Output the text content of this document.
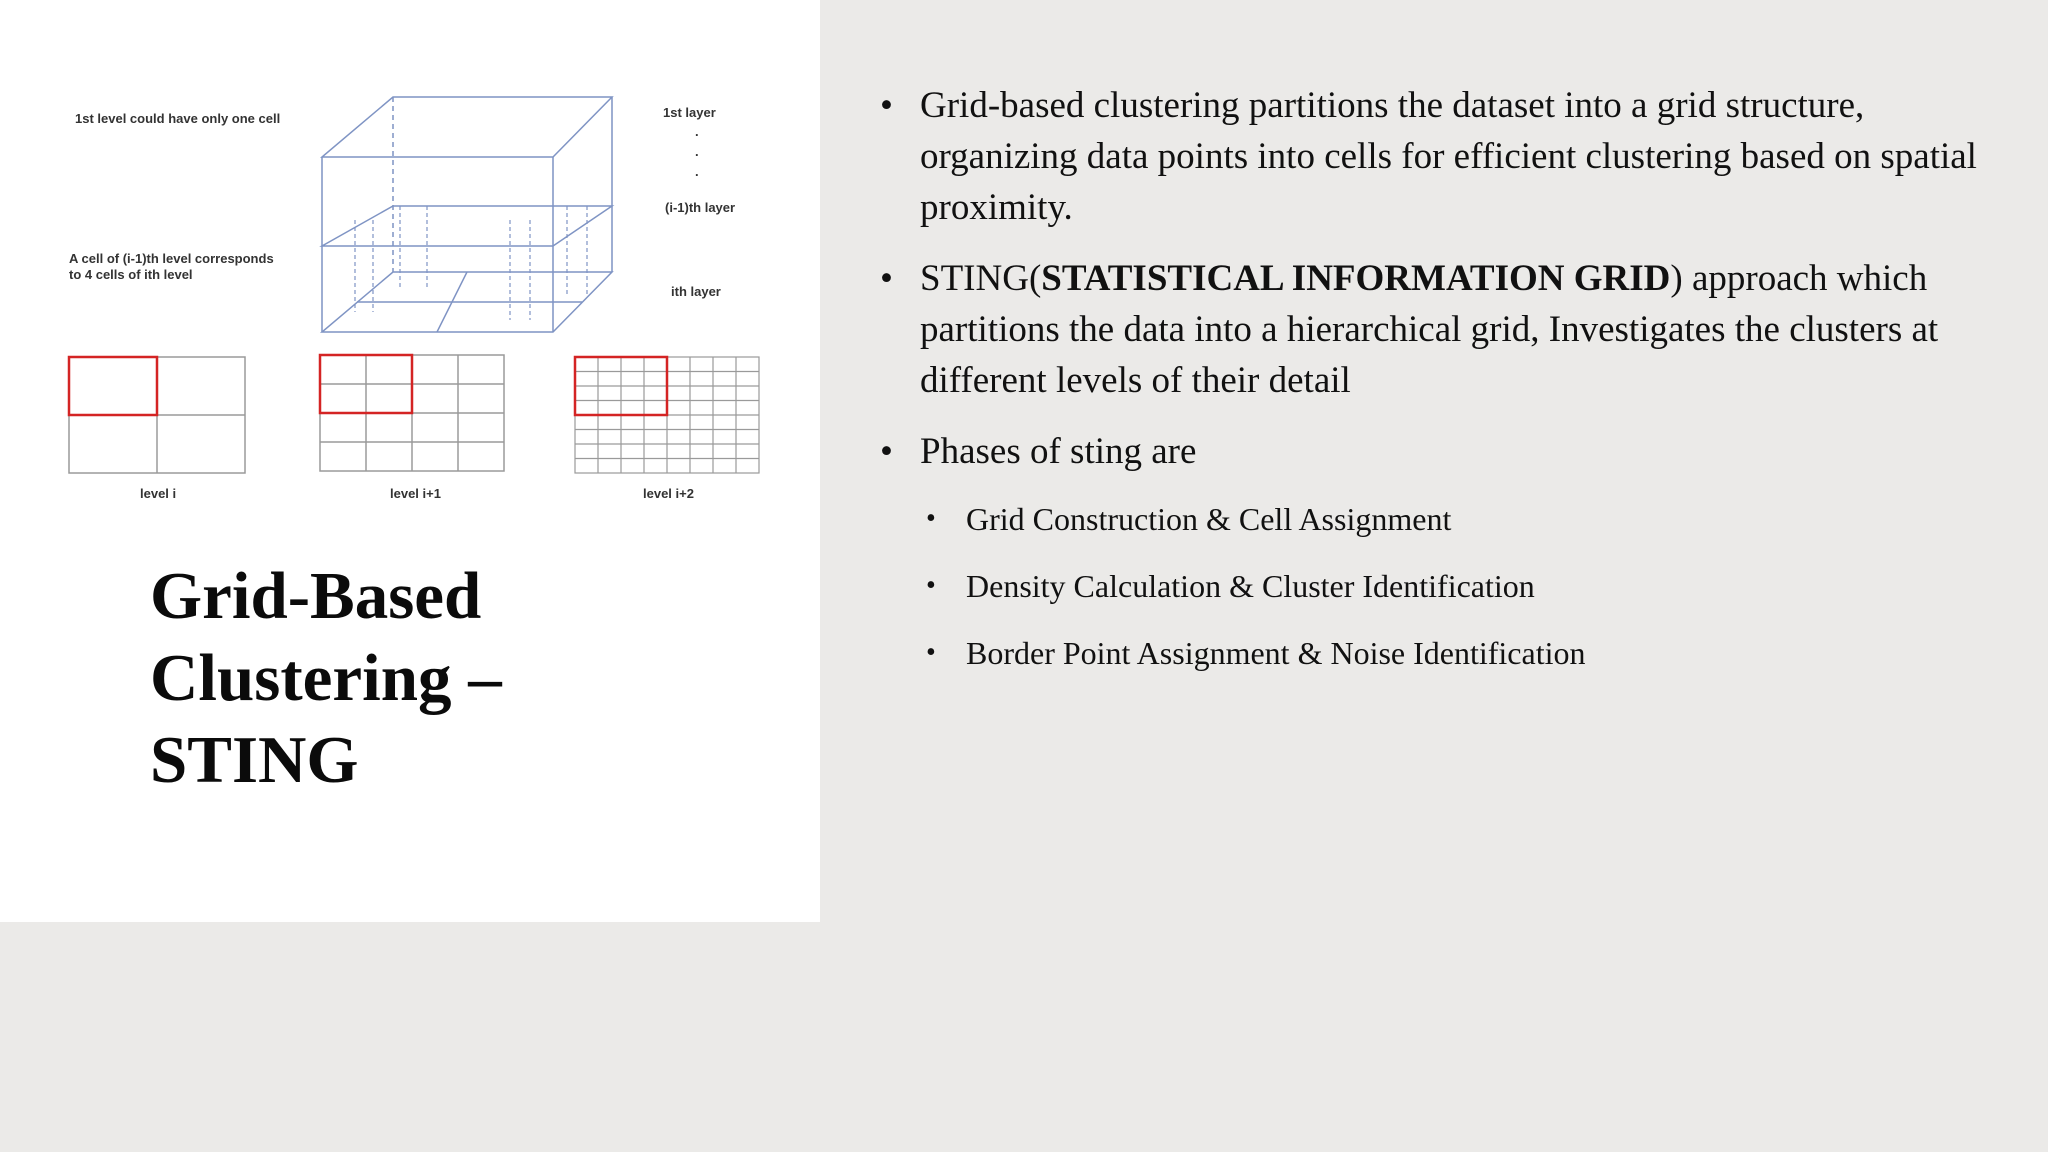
1st level could have only one cell
A cell of (i-1)th level corresponds
to 4 cells of ith level
1st layer
.
.
.
(i-1)th layer
ith layer
level i	level i+1	level i+2
Grid-Based
Clustering –
STING
• Grid-based clustering partitions the dataset into a grid structure, organizing data points into cells for efficient clustering based on spatial proximity.
• STING(STATISTICAL INFORMATION GRID) approach which partitions the data into a hierarchical grid, Investigates the clusters at different levels of their detail
• Phases of sting are
• Grid Construction & Cell Assignment
• Density Calculation & Cluster Identification
• Border Point Assignment & Noise Identification
